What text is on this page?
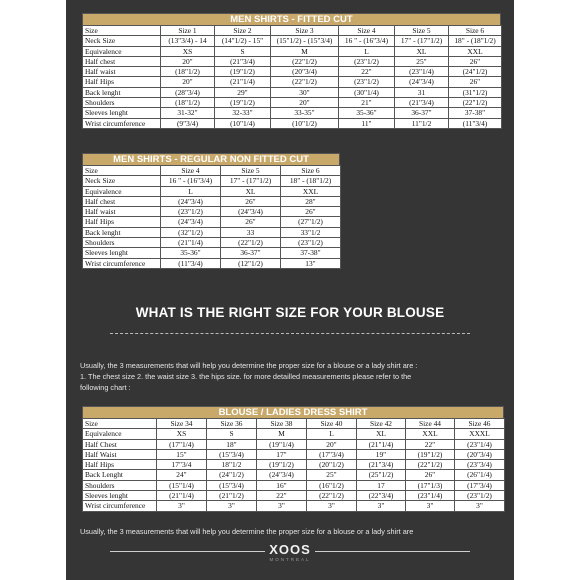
MEN SHIRTS - FITTED CUT
Size	Size 1	Size 2	Size 3	Size 4	Size 5	Size 6
Neck Size	(13"3/4) - 14	(14"1/2) - 15"	(15"1/2) - (15"3/4)	16 " - (16"3/4)	17" - (17"1/2)	18" - (18"1/2)
Equivalence	XS	S	M	L	XL	XXL
Half chest	20"	(21"3/4)	(22"1/2)	(23"1/2)	25"	26"
Half waist	(18"1/2)	(19"1/2)	(20"3/4)	22"	(23"1/4)	(24"1/2)
Half Hips	20"	(21"1/4)	(22"1/2)	(23"1/2)	(24"3/4)	26"
Back lenght	(28"3/4)	29"	30"	(30"1/4)	31	(31"1/2)
Shoulders	(18"1/2)	(19"1/2)	20"	21"	(21"3/4)	(22"1/2)
Sleeves lenght	31-32"	32-33"	33-35"	35-36"	36-37"	37-38"
Wrist circumference	(9"3/4)	(10"1/4)	(10"1/2)	11"	11"1/2	(11"3/4)
MEN SHIRTS - REGULAR NON FITTED CUT
Size	Size 4	Size 5	Size 6
Neck Size	16 " - (16"3/4)	17" - (17"1/2)	18" - (18"1/2)
Equivalence	L	XL	XXL
Half chest	(24"3/4)	26"	28"
Half waist	(23"1/2)	(24"3/4)	26"
Half Hips	(24"3/4)	26"	(27"1/2)
Back lenght	(32"1/2)	33	33"1/2
Shoulders	(21"1/4)	(22"1/2)	(23"1/2)
Sleeves lenght	35-36"	36-37"	37-38"
Wrist circumference	(11"3/4)	(12"1/2)	13"
WHAT IS THE RIGHT SIZE FOR YOUR BLOUSE

Usually, the 3 measurements that will help you determine the proper size for a blouse or a lady shirt are :

1. The chest size 2. the waist size 3. the hips size. for more detailled measurements please refer to the

following chart :

BLOUSE / LADIES DRESS SHIRT
Size	Size 34	Size 36	Size 38	Size 40	Size 42	Size 44	Size 46
Equivalence	XS	S	M	L	XL	XXL	XXXL
Half Chest	(17"1/4)	18"	(19"1/4)	20"	(21"1/4)	22"	(23"1/4)
Half Waist	15"	(15"3/4)	17"	(17"3/4)	19"	(19"1/2)	(20"3/4)
Half Hips	17"3/4	18"1/2	(19"1/2)	(20"1/2)	(21"3/4)	(22"1/2)	(23"3/4)
Back Lenght	24"	(24"1/2)	(24"3/4)	25"	(25"1/2)	26"	(26"1/4)
Shoulders	(15"1/4)	(15"3/4)	16"	(16"1/2)	17	(17"1/3)	(17"3/4)
Sleeves lenght	(21"1/4)	(21"1/2)	22"	(22"1/2)	(22"3/4)	(23"1/4)	(23"1/2)
Wrist circumference	3"	3"	3"	3"	3"	3"	3"
Usually, the 3 measurements that will help you determine the proper size for a blouse or a lady shirt are
XOOS
MONTREAL
